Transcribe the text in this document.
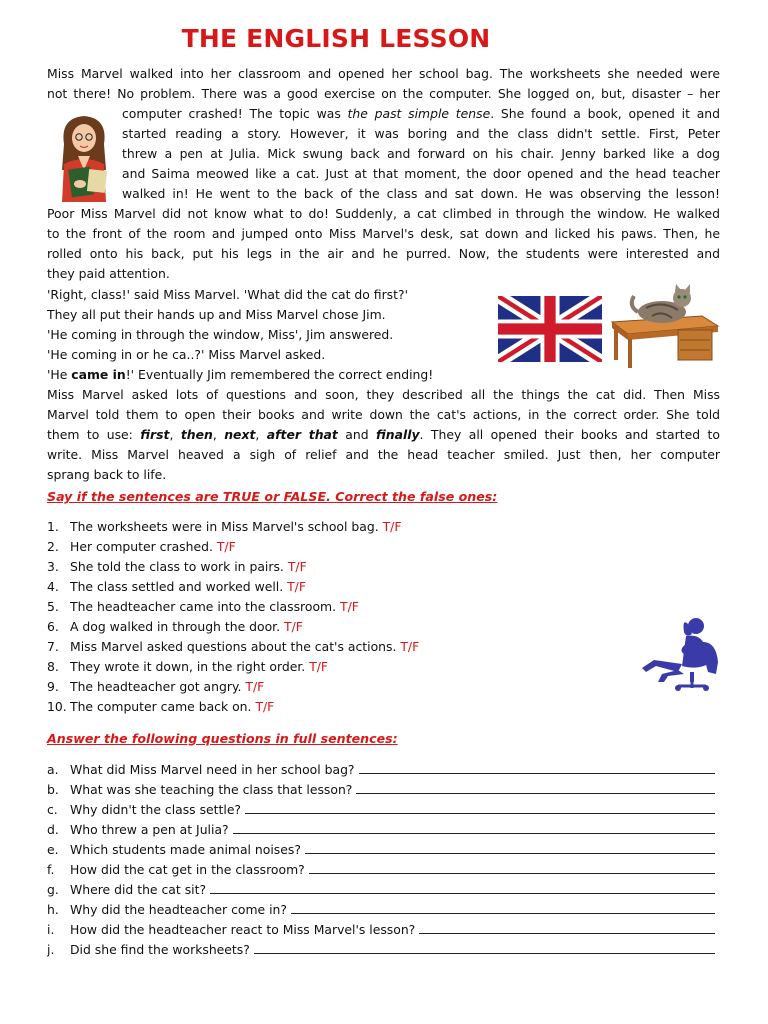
THE ENGLISH LESSON
Miss Marvel walked into her classroom and opened her school bag. The worksheets she needed were
not there! No problem. There was a good exercise on the computer. She logged on, but, disaster – her
computer crashed! The topic was the past simple tense. She found a book, opened it and
started reading a story. However, it was boring and the class didn't settle. First, Peter
threw a pen at Julia. Mick swung back and forward on his chair. Jenny barked like a dog
and Saima meowed like a cat. Just at that moment, the door opened and the head teacher
walked in! He went to the back of the class and sat down. He was observing the lesson!
Poor Miss Marvel did not know what to do! Suddenly, a cat climbed in through the window. He walked
to the front of the room and jumped onto Miss Marvel's desk, sat down and licked his paws. Then, he
rolled onto his back, put his legs in the air and he purred. Now, the students were interested and
they paid attention.
'Right, class!' said Miss Marvel. 'What did the cat do first?'
They all put their hands up and Miss Marvel chose Jim.
'He coming in through the window, Miss', Jim answered.
'He coming in or he ca..?' Miss Marvel asked.
'He came in!' Eventually Jim remembered the correct ending!
Miss Marvel asked lots of questions and soon, they described all the things the cat did. Then Miss
Marvel told them to open their books and write down the cat's actions, in the correct order. She told
them to use: first, then, next, after that and finally. They all opened their books and started to
write. Miss Marvel heaved a sigh of relief and the head teacher smiled. Just then, her computer
sprang back to life.
Say if the sentences are TRUE or FALSE. Correct the false ones:
1. The worksheets were in Miss Marvel's school bag. T/F
2. Her computer crashed. T/F
3. She told the class to work in pairs. T/F
4. The class settled and worked well. T/F
5. The headteacher came into the classroom. T/F
6. A dog walked in through the door. T/F
7. Miss Marvel asked questions about the cat's actions. T/F
8. They wrote it down, in the right order. T/F
9. The headteacher got angry. T/F
10. The computer came back on. T/F
Answer the following questions in full sentences:
a. What did Miss Marvel need in her school bag?
b. What was she teaching the class that lesson?
c. Why didn't the class settle?
d. Who threw a pen at Julia?
e. Which students made animal noises?
f. How did the cat get in the classroom?
g. Where did the cat sit?
h. Why did the headteacher come in?
i. How did the headteacher react to Miss Marvel's lesson?
j. Did she find the worksheets?
